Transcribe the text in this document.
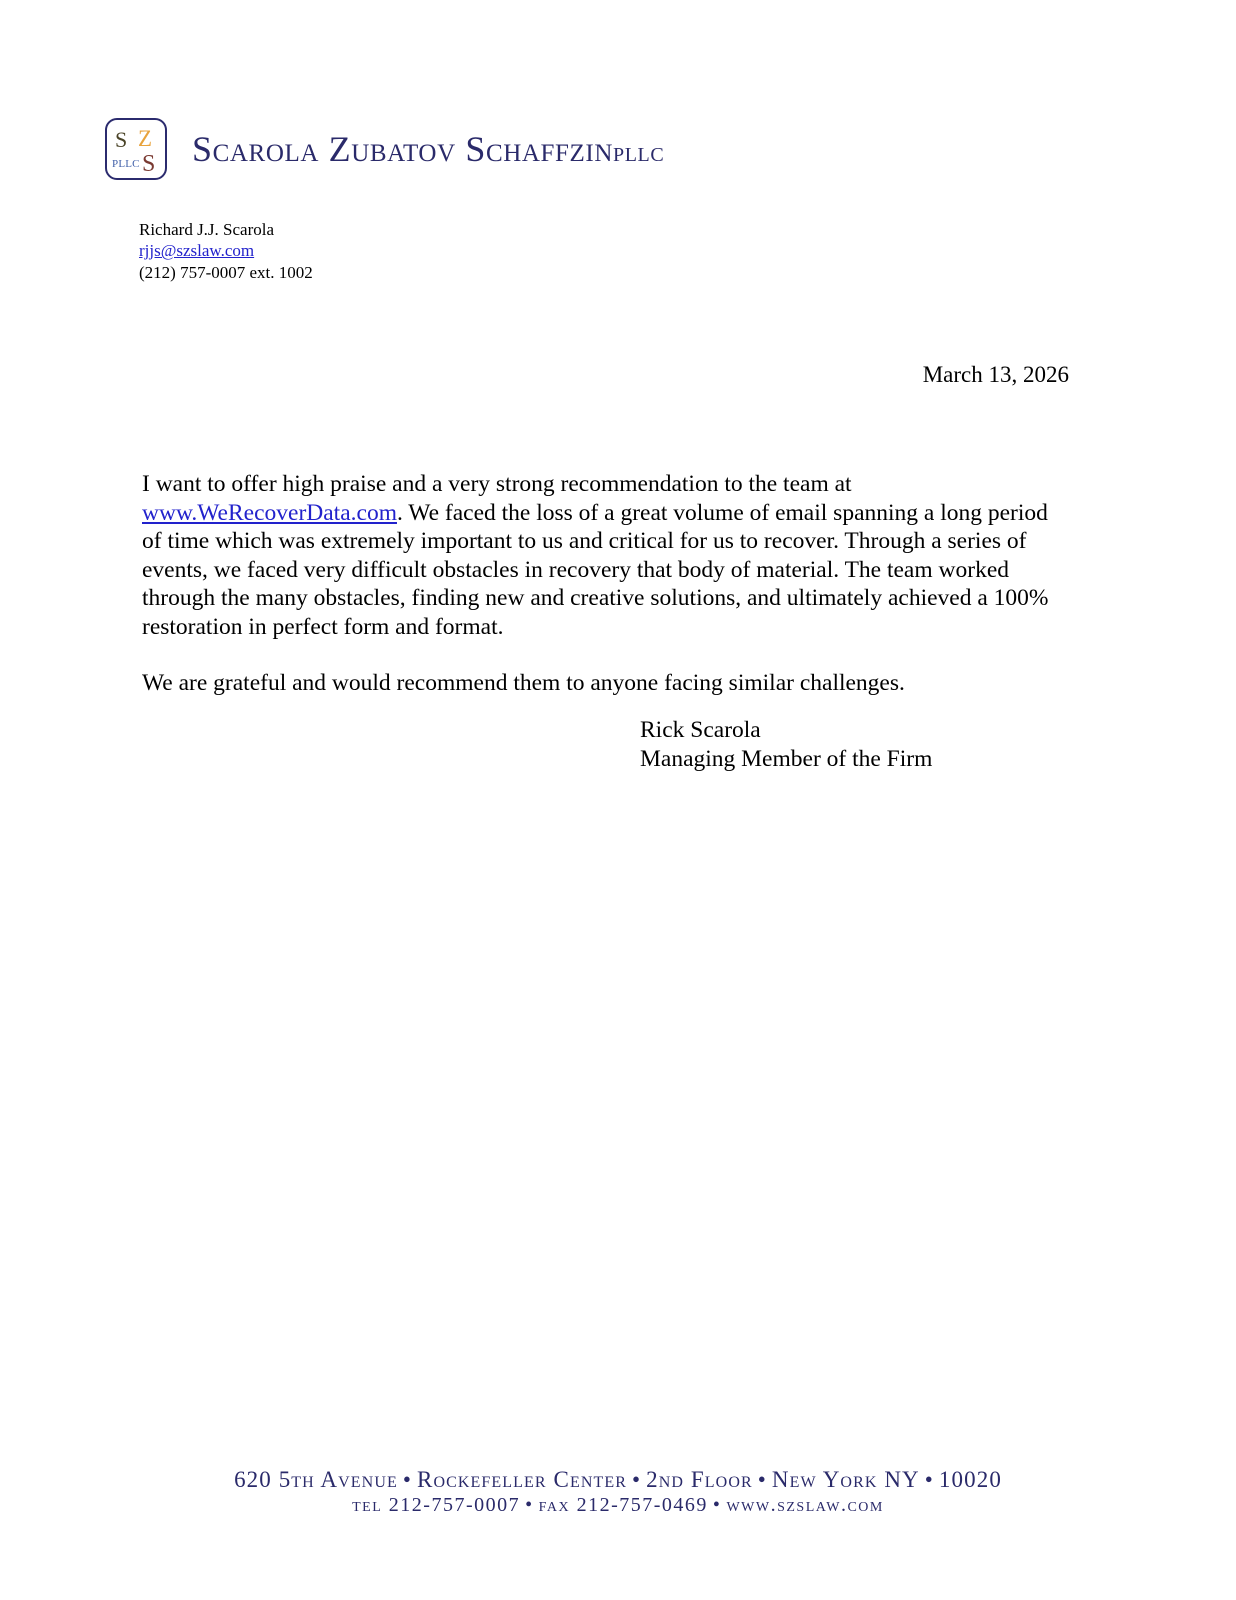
S Z
PLLC S Scarola Zubatov Schaffzinpllc
Richard J.J. Scarola
rjjs@szslaw.com
(212) 757-0007 ext. 1002
March 13, 2026

I want to offer high praise and a very strong recommendation to the team at www.WeRecoverData.com. We faced the loss of a great volume of email spanning a long period of time which was extremely important to us and critical for us to recover. Through a series of events, we faced very difficult obstacles in recovery that body of material. The team worked through the many obstacles, finding new and creative solutions, and ultimately achieved a 100% restoration in perfect form and format.

We are grateful and would recommend them to anyone facing similar challenges.

Rick Scarola
Managing Member of the Firm
620 5th Avenue • Rockefeller Center • 2nd Floor • New York NY • 10020
tel 212-757-0007 • fax 212-757-0469 • www.szslaw.com
